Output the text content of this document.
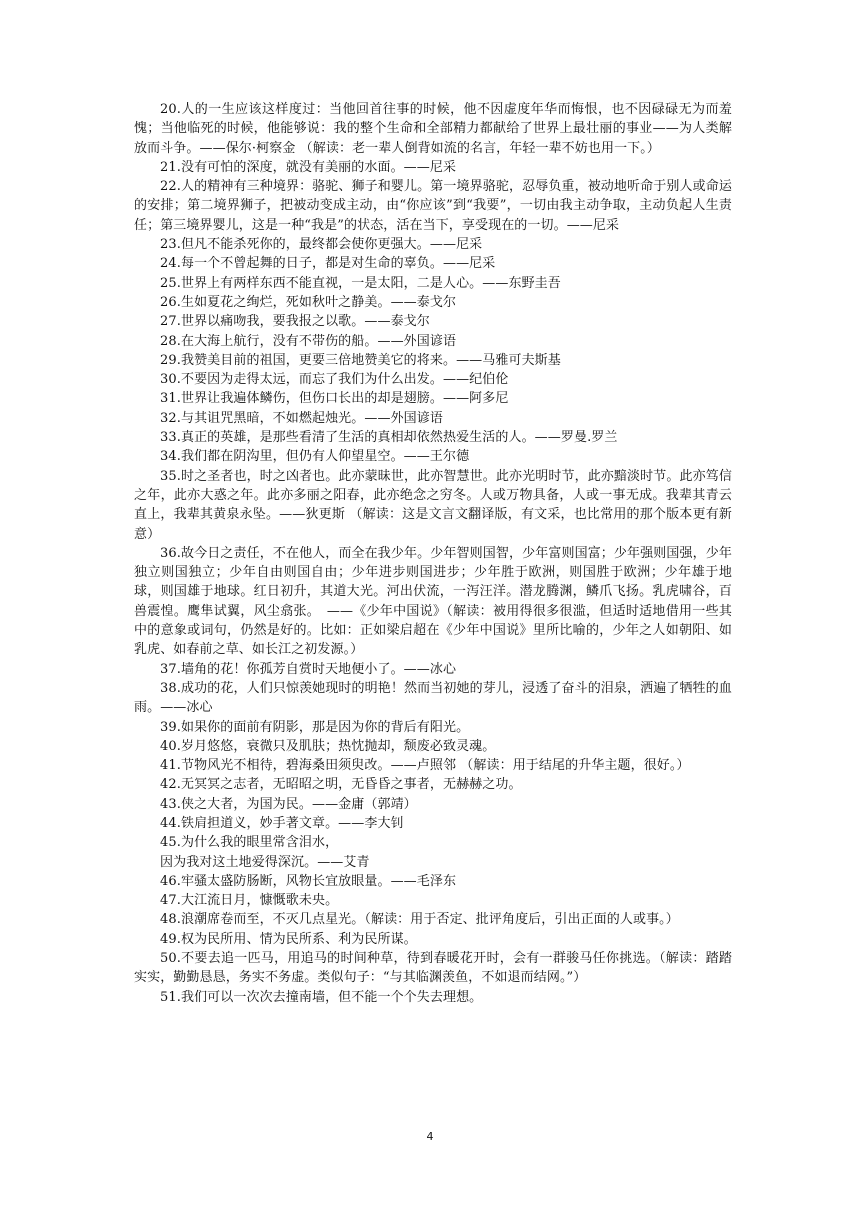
20.人的一生应该这样度过：当他回首往事的时候，他不因虚度年华而悔恨，也不因碌碌无为而羞愧；当他临死的时候，他能够说：我的整个生命和全部精力都献给了世界上最壮丽的事业——为人类解放而斗争。——保尔·柯察金 （解读：老一辈人倒背如流的名言，年轻一辈不妨也用一下。）

21.没有可怕的深度，就没有美丽的水面。——尼采

22.人的精神有三种境界：骆驼、狮子和婴儿。第一境界骆驼，忍辱负重，被动地听命于别人或命运的安排；第二境界狮子，把被动变成主动，由“你应该”到“我要”，一切由我主动争取，主动负起人生责任；第三境界婴儿，这是一种“我是”的状态，活在当下，享受现在的一切。——尼采

23.但凡不能杀死你的，最终都会使你更强大。——尼采

24.每一个不曾起舞的日子，都是对生命的辜负。——尼采

25.世界上有两样东西不能直视，一是太阳，二是人心。——东野圭吾

26.生如夏花之绚烂，死如秋叶之静美。——泰戈尔

27.世界以痛吻我，要我报之以歌。——泰戈尔

28.在大海上航行，没有不带伤的船。——外国谚语

29.我赞美目前的祖国，更要三倍地赞美它的将来。——马雅可夫斯基

30.不要因为走得太远，而忘了我们为什么出发。——纪伯伦

31.世界让我遍体鳞伤，但伤口长出的却是翅膀。——阿多尼

32.与其诅咒黑暗，不如燃起烛光。——外国谚语

33.真正的英雄，是那些看清了生活的真相却依然热爱生活的人。——罗曼.罗兰

34.我们都在阴沟里，但仍有人仰望星空。——王尔德

35.时之圣者也，时之凶者也。此亦蒙昧世，此亦智慧世。此亦光明时节，此亦黯淡时节。此亦笃信之年，此亦大惑之年。此亦多丽之阳春，此亦绝念之穷冬。人或万物具备，人或一事无成。我辈其青云直上，我辈其黄泉永坠。——狄更斯 （解读：这是文言文翻译版，有文采，也比常用的那个版本更有新意）

36.故今日之责任，不在他人，而全在我少年。少年智则国智，少年富则国富；少年强则国强，少年独立则国独立；少年自由则国自由；少年进步则国进步；少年胜于欧洲，则国胜于欧洲；少年雄于地球，则国雄于地球。红日初升，其道大光。河出伏流，一泻汪洋。潜龙腾渊，鳞爪飞扬。乳虎啸谷，百兽震惶。鹰隼试翼，风尘翕张。　——《少年中国说》（解读：被用得很多很滥，但适时适地借用一些其中的意象或词句，仍然是好的。比如：正如梁启超在《少年中国说》里所比喻的，少年之人如朝阳、如乳虎、如春前之草、如长江之初发源。）

37.墙角的花！你孤芳自赏时天地便小了。——冰心

38.成功的花，人们只惊羡她现时的明艳！然而当初她的芽儿，浸透了奋斗的泪泉，洒遍了牺牲的血雨。——冰心

39.如果你的面前有阴影，那是因为你的背后有阳光。

40.岁月悠悠，衰微只及肌肤；热忱抛却，颓废必致灵魂。

41.节物风光不相待，碧海桑田须臾改。——卢照邻 （解读：用于结尾的升华主题，很好。）

42.无冥冥之志者，无昭昭之明，无昏昏之事者，无赫赫之功。

43.侠之大者，为国为民。——金庸（郭靖）

44.铁肩担道义，妙手著文章。——李大钊

45.为什么我的眼里常含泪水，

因为我对这土地爱得深沉。——艾青

46.牢骚太盛防肠断，风物长宜放眼量。——毛泽东

47.大江流日月，慷慨歌未央。

48.浪潮席卷而至，不灭几点星光。（解读：用于否定、批评角度后，引出正面的人或事。）

49.权为民所用、情为民所系、利为民所谋。

50.不要去追一匹马，用追马的时间种草，待到春暖花开时，会有一群骏马任你挑选。（解读：踏踏实实，勤勤恳恳，务实不务虚。类似句子：“与其临渊羡鱼，不如退而结网。”）

51.我们可以一次次去撞南墙，但不能一个个失去理想。

4
